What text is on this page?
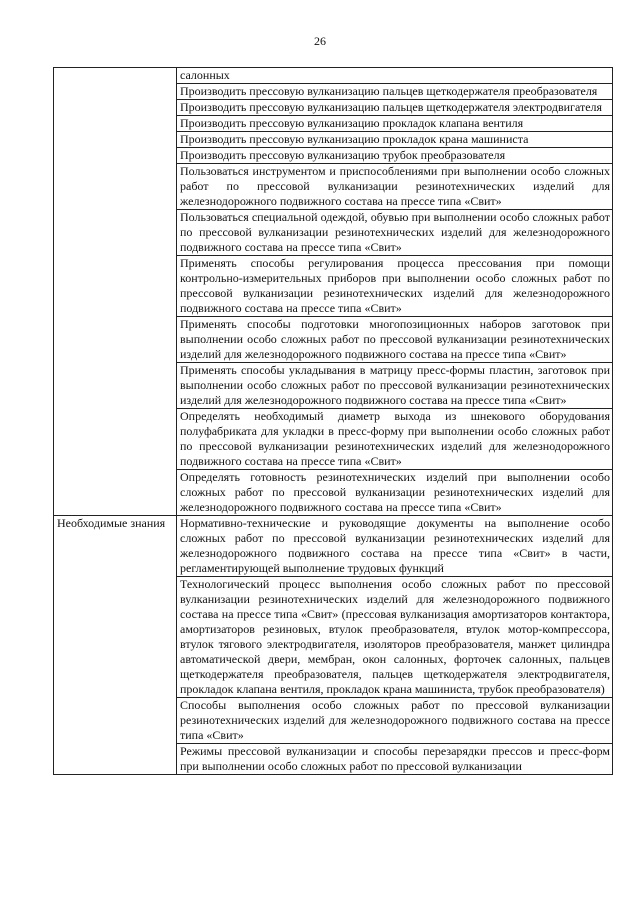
26
	салонных
	Производить прессовую вулканизацию пальцев щеткодержателя преобразователя
	Производить прессовую вулканизацию пальцев щеткодержателя электродвигателя
	Производить прессовую вулканизацию прокладок клапана вентиля
	Производить прессовую вулканизацию прокладок крана машиниста
	Производить прессовую вулканизацию трубок преобразователя
	Пользоваться инструментом и приспособлениями при выполнении особо сложных работ по прессовой вулканизации резинотехнических изделий для железнодорожного подвижного состава на прессе типа «Свит»
	Пользоваться специальной одеждой, обувью при выполнении особо сложных работ по прессовой вулканизации резинотехнических изделий для железнодорожного подвижного состава на прессе типа «Свит»
	Применять способы регулирования процесса прессования при помощи контрольно-измерительных приборов при выполнении особо сложных работ по прессовой вулканизации резинотехнических изделий для железнодорожного подвижного состава на прессе типа «Свит»
	Применять способы подготовки многопозиционных наборов заготовок при выполнении особо сложных работ по прессовой вулканизации резинотехнических изделий для железнодорожного подвижного состава на прессе типа «Свит»
	Применять способы укладывания в матрицу пресс-формы пластин, заготовок при выполнении особо сложных работ по прессовой вулканизации резинотехнических изделий для железнодорожного подвижного состава на прессе типа «Свит»
	Определять необходимый диаметр выхода из шнекового оборудования полуфабриката для укладки в пресс-форму при выполнении особо сложных работ по прессовой вулканизации резинотехнических изделий для железнодорожного подвижного состава на прессе типа «Свит»
	Определять готовность резинотехнических изделий при выполнении особо сложных работ по прессовой вулканизации резинотехнических изделий для железнодорожного подвижного состава на прессе типа «Свит»
Необходимые знания	Нормативно-технические и руководящие документы на выполнение особо сложных работ по прессовой вулканизации резинотехнических изделий для железнодорожного подвижного состава на прессе типа «Свит» в части, регламентирующей выполнение трудовых функций
	Технологический процесс выполнения особо сложных работ по прессовой вулканизации резинотехнических изделий для железнодорожного подвижного состава на прессе типа «Свит» (прессовая вулканизация амортизаторов контактора, амортизаторов резиновых, втулок преобразователя, втулок мотор-компрессора, втулок тягового электродвигателя, изоляторов преобразователя, манжет цилиндра автоматической двери, мембран, окон салонных, форточек салонных, пальцев щеткодержателя преобразователя, пальцев щеткодержателя электродвигателя, прокладок клапана вентиля, прокладок крана машиниста, трубок преобразователя)
	Способы выполнения особо сложных работ по прессовой вулканизации резинотехнических изделий для железнодорожного подвижного состава на прессе типа «Свит»
	Режимы прессовой вулканизации и способы перезарядки прессов и пресс-форм при выполнении особо сложных работ по прессовой вулканизации
